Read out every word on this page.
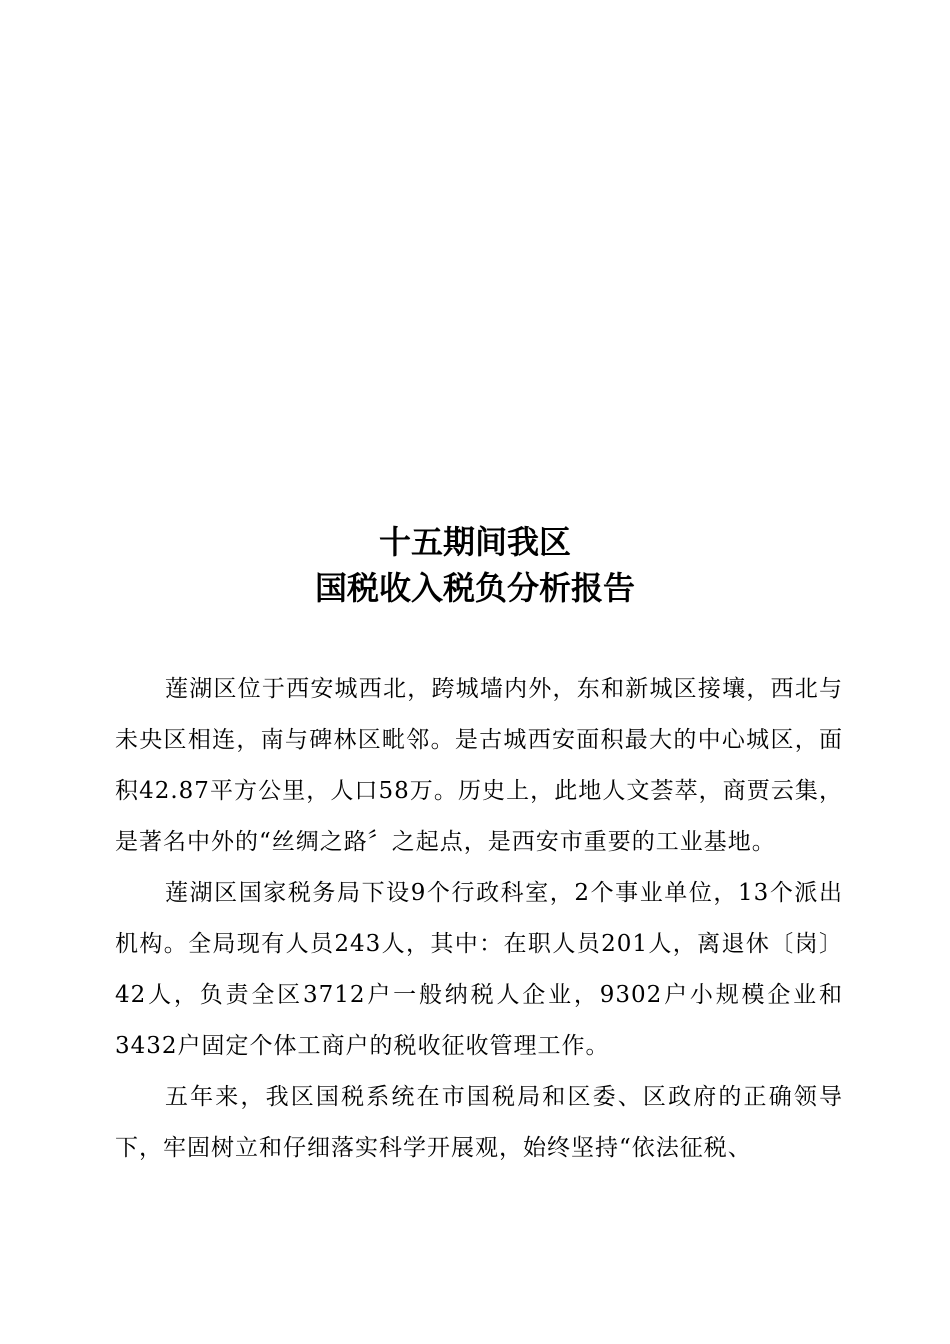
十五期间我区
国税收入税负分析报告

莲湖区位于西安城西北，跨城墙内外，东和新城区接壤，西北与未央区相连，南与碑林区毗邻。是古城西安面积最大的中心城区，面积42.87平方公里，人口58万。历史上，此地人文荟萃，商贾云集，是著名中外的“丝绸之路〞之起点，是西安市重要的工业基地。

莲湖区国家税务局下设9个行政科室，2个事业单位，13个派出机构。全局现有人员243人，其中：在职人员201人，离退休〔岗〕42人，负责全区3712户一般纳税人企业，9302户小规模企业和3432户固定个体工商户的税收征收管理工作。

五年来，我区国税系统在市国税局和区委、区政府的正确领导下，牢固树立和仔细落实科学开展观，始终坚持“依法征税、
